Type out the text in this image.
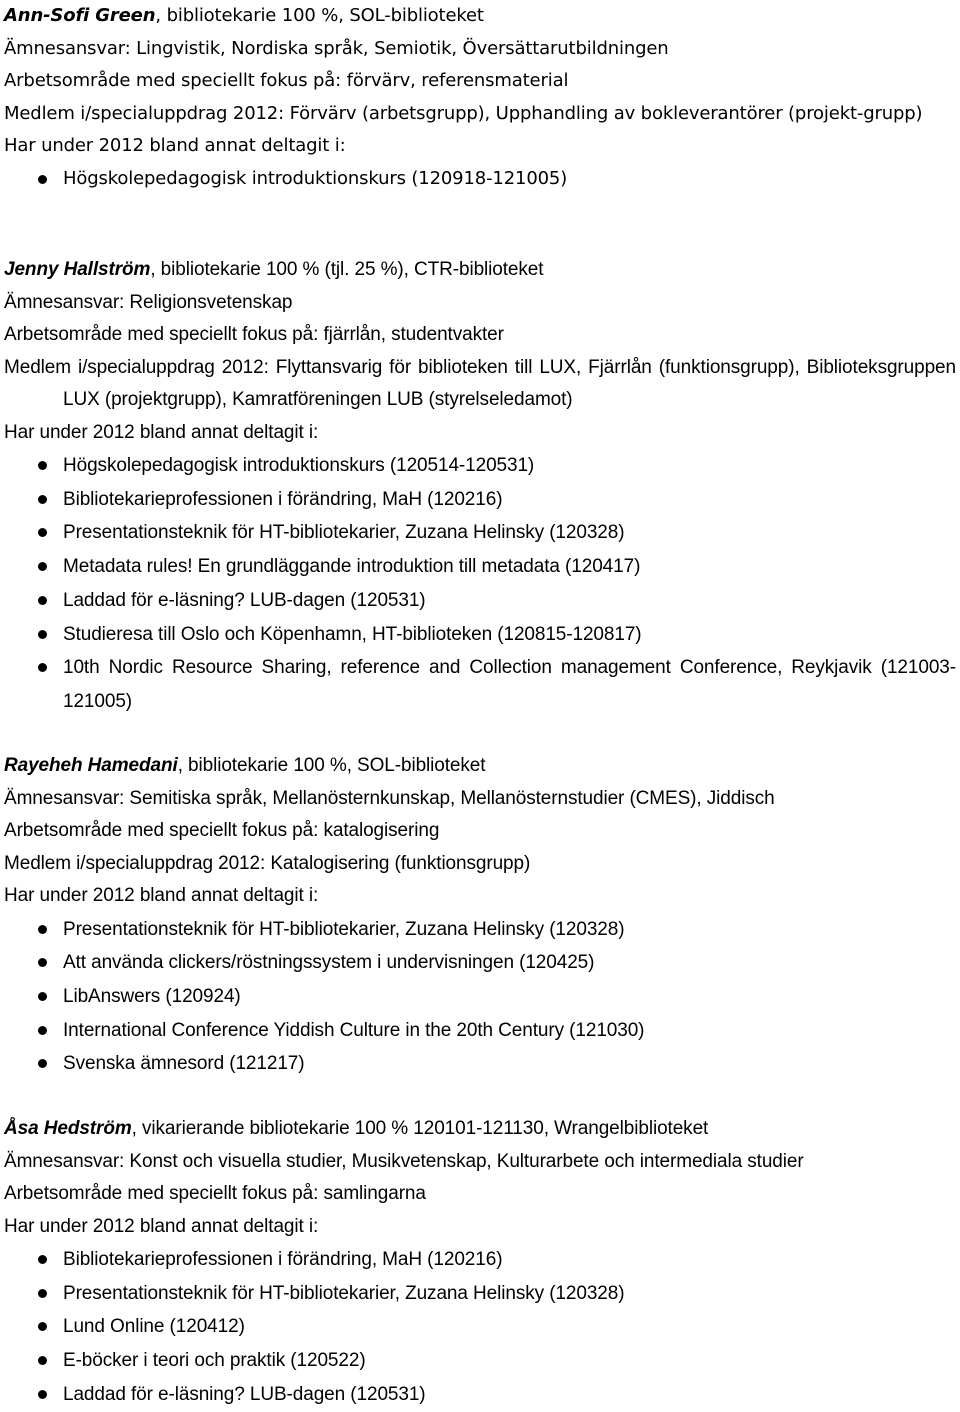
Ann-Sofi Green, bibliotekarie 100 %, SOL-biblioteket
Ämnesansvar: Lingvistik, Nordiska språk, Semiotik, Översättarutbildningen
Arbetsområde med speciellt fokus på: förvärv, referensmaterial
Medlem i/specialuppdrag 2012: Förvärv (arbetsgrupp), Upphandling av bokleverantörer (projekt-grupp)
Har under 2012 bland annat deltagit i:
Högskolepedagogisk introduktionskurs (120918-121005)
Jenny Hallström, bibliotekarie 100 % (tjl. 25 %), CTR-biblioteket
Ämnesansvar: Religionsvetenskap
Arbetsområde med speciellt fokus på: fjärrlån, studentvakter
Medlem i/specialuppdrag 2012: Flyttansvarig för biblioteken till LUX, Fjärrlån (funktionsgrupp), Biblioteksgruppen LUX (projektgrupp), Kamratföreningen LUB (styrelseledamot)
Har under 2012 bland annat deltagit i:
Högskolepedagogisk introduktionskurs (120514-120531)
Bibliotekarieprofessionen i förändring, MaH (120216)
Presentationsteknik för HT-bibliotekarier, Zuzana Helinsky (120328)
Metadata rules! En grundläggande introduktion till metadata (120417)
Laddad för e-läsning? LUB-dagen (120531)
Studieresa till Oslo och Köpenhamn, HT-biblioteken (120815-120817)
10th Nordic Resource Sharing, reference and Collection management Conference, Reykjavik (121003-121005)
Rayeheh Hamedani, bibliotekarie 100 %, SOL-biblioteket
Ämnesansvar: Semitiska språk, Mellanösternkunskap, Mellanösternstudier (CMES), Jiddisch
Arbetsområde med speciellt fokus på: katalogisering
Medlem i/specialuppdrag 2012: Katalogisering (funktionsgrupp)
Har under 2012 bland annat deltagit i:
Presentationsteknik för HT-bibliotekarier, Zuzana Helinsky (120328)
Att använda clickers/röstningssystem i undervisningen (120425)
LibAnswers (120924)
International Conference Yiddish Culture in the 20th Century (121030)
Svenska ämnesord (121217)
Åsa Hedström, vikarierande bibliotekarie 100 % 120101-121130, Wrangelbiblioteket
Ämnesansvar: Konst och visuella studier, Musikvetenskap, Kulturarbete och intermediala studier
Arbetsområde med speciellt fokus på: samlingarna
Har under 2012 bland annat deltagit i:
Bibliotekarieprofessionen i förändring, MaH (120216)
Presentationsteknik för HT-bibliotekarier, Zuzana Helinsky (120328)
Lund Online (120412)
E-böcker i teori och praktik (120522)
Laddad för e-läsning? LUB-dagen (120531)
